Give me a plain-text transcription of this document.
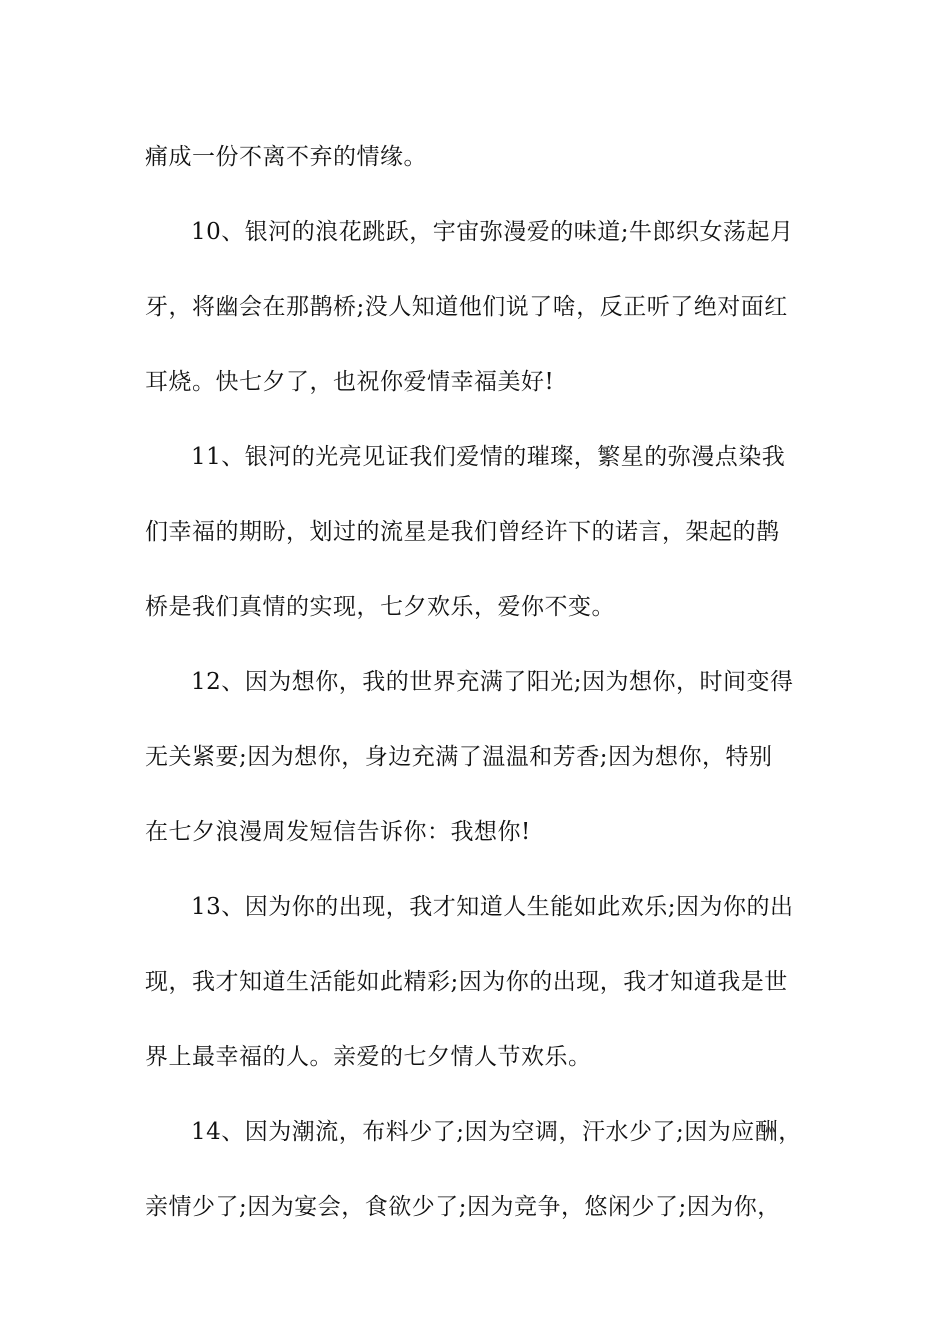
痛成一份不离不弃的情缘。
10、银河的浪花跳跃，宇宙弥漫爱的味道;牛郎织女荡起月
牙，将幽会在那鹊桥;没人知道他们说了啥，反正听了绝对面红
耳烧。快七夕了，也祝你爱情幸福美好!
11、银河的光亮见证我们爱情的璀璨，繁星的弥漫点染我
们幸福的期盼，划过的流星是我们曾经许下的诺言，架起的鹊
桥是我们真情的实现，七夕欢乐，爱你不变。
12、因为想你，我的世界充满了阳光;因为想你，时间变得
无关紧要;因为想你，身边充满了温温和芳香;因为想你，特别
在七夕浪漫周发短信告诉你：我想你!
13、因为你的出现，我才知道人生能如此欢乐;因为你的出
现，我才知道生活能如此精彩;因为你的出现，我才知道我是世
界上最幸福的人。亲爱的七夕情人节欢乐。
14、因为潮流，布料少了;因为空调，汗水少了;因为应酬，
亲情少了;因为宴会，食欲少了;因为竞争，悠闲少了;因为你，
